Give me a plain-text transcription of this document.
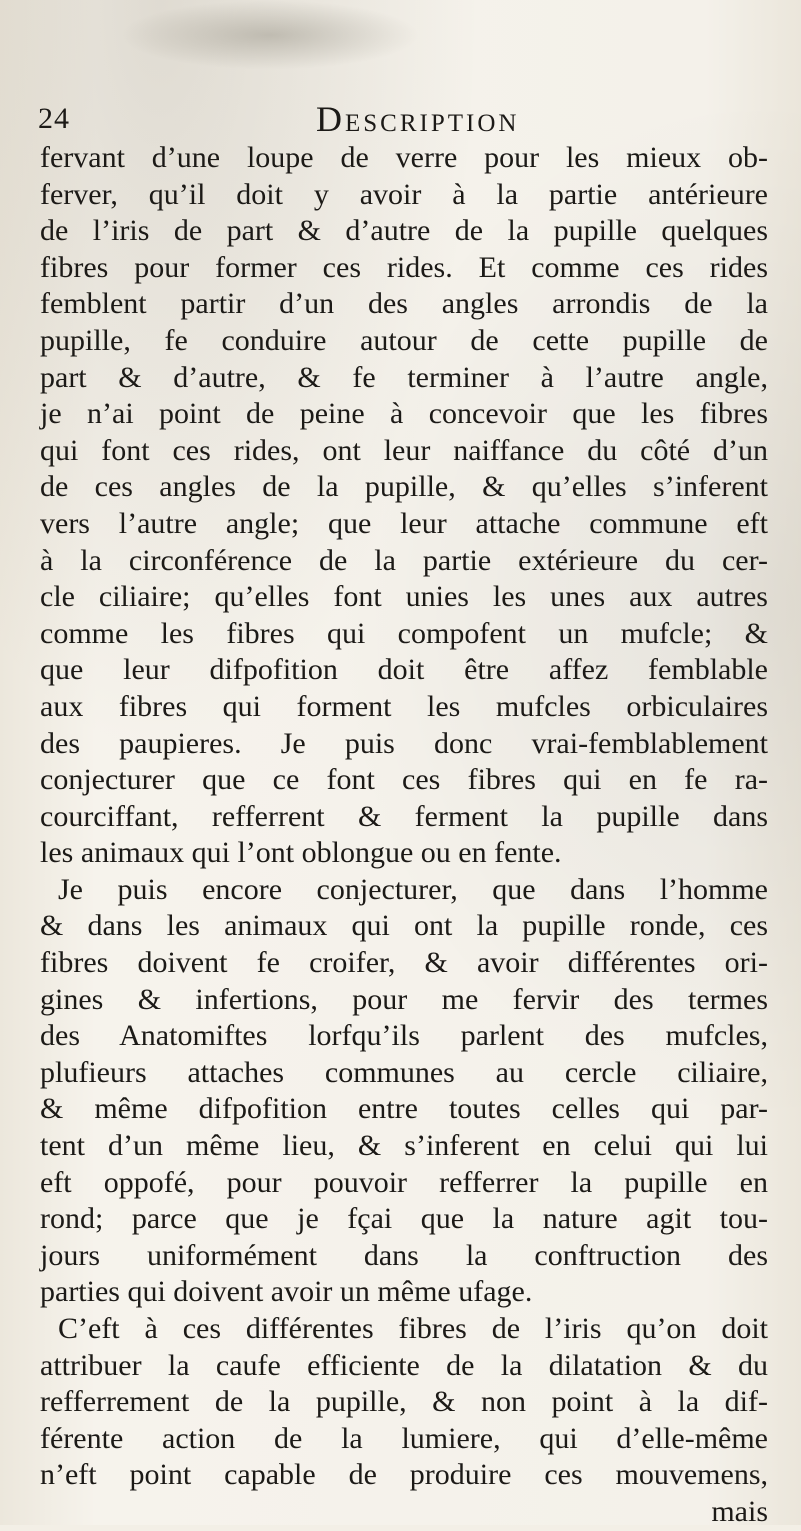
24	Description
fervant d’une loupe de verre pour les mieux ob-
ferver, qu’il doit y avoir à la partie antérieure
de l’iris de part & d’autre de la pupille quelques
fibres pour former ces rides. Et comme ces rides
femblent partir d’un des angles arrondis de la
pupille, fe conduire autour de cette pupille de
part & d’autre, & fe terminer à l’autre angle,
je n’ai point de peine à concevoir que les fibres
qui font ces rides, ont leur naiffance du côté d’un
de ces angles de la pupille, & qu’elles s’inferent
vers l’autre angle; que leur attache commune eft
à la circonférence de la partie extérieure du cer-
cle ciliaire; qu’elles font unies les unes aux autres
comme les fibres qui compofent un mufcle; &
que leur difpofition doit être affez femblable
aux fibres qui forment les mufcles orbiculaires
des paupieres. Je puis donc vrai-femblablement
conjecturer que ce font ces fibres qui en fe ra-
courciffant, refferrent & ferment la pupille dans
les animaux qui l’ont oblongue ou en fente.
Je puis encore conjecturer, que dans l’homme
& dans les animaux qui ont la pupille ronde, ces
fibres doivent fe croifer, & avoir différentes ori-
gines & infertions, pour me fervir des termes
des Anatomiftes lorfqu’ils parlent des mufcles,
plufieurs attaches communes au cercle ciliaire,
& même difpofition entre toutes celles qui par-
tent d’un même lieu, & s’inferent en celui qui lui
eft oppofé, pour pouvoir refferrer la pupille en
rond; parce que je fçai que la nature agit tou-
jours uniformément dans la conftruction des
parties qui doivent avoir un même ufage.
C’eft à ces différentes fibres de l’iris qu’on doit
attribuer la caufe efficiente de la dilatation & du
refferrement de la pupille, & non point à la dif-
férente action de la lumiere, qui d’elle-même
n’eft point capable de produire ces mouvemens,
mais
